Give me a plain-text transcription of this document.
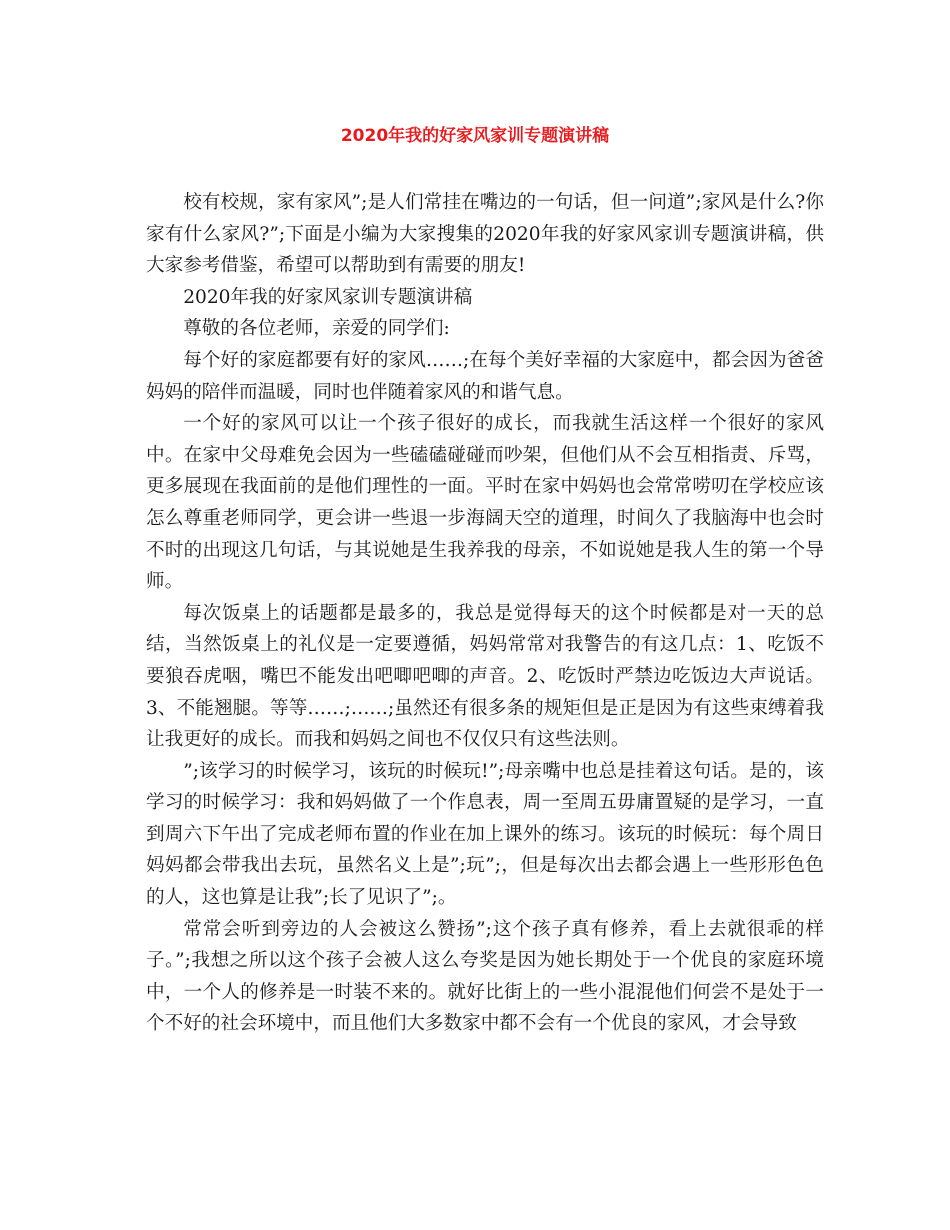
2020年我的好家风家训专题演讲稿

校有校规，家有家风”;是人们常挂在嘴边的一句话，但一问道”;家风是什么?你家有什么家风?”;下面是小编为大家搜集的2020年我的好家风家训专题演讲稿，供大家参考借鉴，希望可以帮助到有需要的朋友!

2020年我的好家风家训专题演讲稿

尊敬的各位老师，亲爱的同学们:

每个好的家庭都要有好的家风……;在每个美好幸福的大家庭中，都会因为爸爸妈妈的陪伴而温暖，同时也伴随着家风的和谐气息。

一个好的家风可以让一个孩子很好的成长，而我就生活这样一个很好的家风中。在家中父母难免会因为一些磕磕碰碰而吵架，但他们从不会互相指责、斥骂，更多展现在我面前的是他们理性的一面。平时在家中妈妈也会常常唠叨在学校应该怎么尊重老师同学，更会讲一些退一步海阔天空的道理，时间久了我脑海中也会时不时的出现这几句话，与其说她是生我养我的母亲，不如说她是我人生的第一个导师。

每次饭桌上的话题都是最多的，我总是觉得每天的这个时候都是对一天的总结，当然饭桌上的礼仪是一定要遵循，妈妈常常对我警告的有这几点：1、吃饭不要狼吞虎咽，嘴巴不能发出吧唧吧唧的声音。2、吃饭时严禁边吃饭边大声说话。3、不能翘腿。等等……;……;虽然还有很多条的规矩但是正是因为有这些束缚着我让我更好的成长。而我和妈妈之间也不仅仅只有这些法则。

”;该学习的时候学习，该玩的时候玩!”;母亲嘴中也总是挂着这句话。是的，该学习的时候学习：我和妈妈做了一个作息表，周一至周五毋庸置疑的是学习，一直到周六下午出了完成老师布置的作业在加上课外的练习。该玩的时候玩：每个周日妈妈都会带我出去玩，虽然名义上是”;玩”;，但是每次出去都会遇上一些形形色色的人，这也算是让我”;长了见识了”;。

常常会听到旁边的人会被这么赞扬”;这个孩子真有修养，看上去就很乖的样子。”;我想之所以这个孩子会被人这么夸奖是因为她长期处于一个优良的家庭环境中，一个人的修养是一时装不来的。就好比街上的一些小混混他们何尝不是处于一个不好的社会环境中，而且他们大多数家中都不会有一个优良的家风，才会导致
